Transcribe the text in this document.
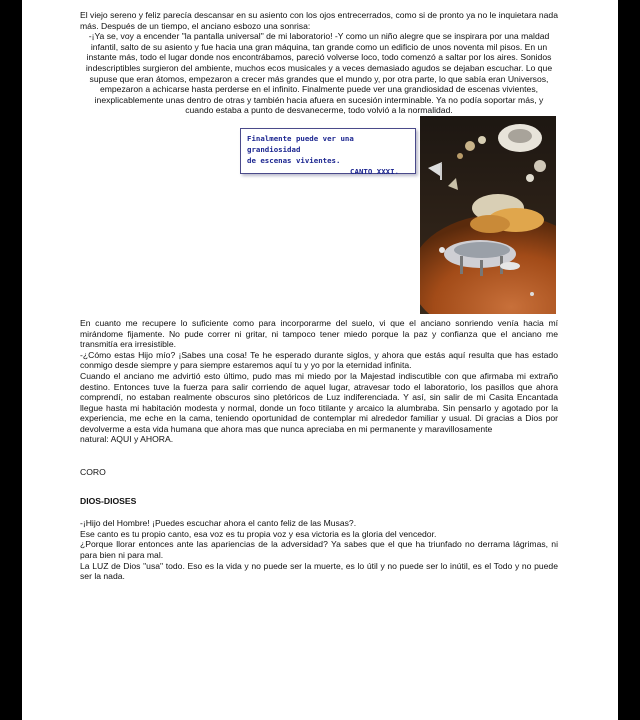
El viejo sereno y feliz parecía descansar en su asiento con los ojos entrecerrados, como si de pronto ya no le inquietara nada más. Después de un tiempo, el anciano esbozo una sonrisa:

-¡Ya se, voy a encender "la pantalla universal" de mi laboratorio! -Y como un niño alegre que se inspirara por una maldad infantil, salto de su asiento y fue hacia una gran máquina, tan grande como un edificio de unos noventa mil pisos. En un instante más, todo el lugar donde nos encontrábamos, pareció volverse loco, todo comenzó a saltar por los aires. Sonidos indescriptibles surgieron del ambiente, muchos ecos musicales y a veces demasiado agudos se dejaban escuchar. Lo que supuse que eran átomos, empezaron a crecer más grandes que el mundo y, por otra parte, lo que sabía eran Universos, empezaron a achicarse hasta perderse en el infinito. Finalmente puede ver una grandiosidad de escenas vivientes, inexplicablemente unas dentro de otras y también hacia afuera en sucesión interminable. Ya no podía soportar más, y cuando estaba a punto de desvanecerme, todo volvió a la normalidad.

Finalmente puede ver una grandiosidad
de escenas vivientes.
CANTO XXXI.

En cuanto me recupere lo suficiente como para incorporarme del suelo, vi que el anciano sonriendo venía hacia mí mirándome fijamente. No pude correr ni gritar, ni tampoco tener miedo porque la paz y confianza que el anciano me transmitía era irresistible.

-¿Cómo estas Hijo mío? ¡Sabes una cosa! Te he esperado durante siglos, y ahora que estás aquí resulta que has estado conmigo desde siempre y para siempre estaremos aquí tu y yo por la eternidad infinita.

Cuando el anciano me advirtió esto último, pudo mas mi miedo por la Majestad indiscutible con que afirmaba mi extraño destino. Entonces tuve la fuerza para salir corriendo de aquel lugar, atravesar todo el laboratorio, los pasillos que ahora comprendí, no estaban realmente obscuros sino pletóricos de Luz indiferenciada. Y así, sin salir de mi Casita Encantada llegue hasta mi habitación modesta y normal, donde un foco titilante y arcaico la alumbraba. Sin pensarlo y agotado por la experiencia, me eche en la cama, teniendo oportunidad de contemplar mi alrededor familiar y usual. Di gracias a Dios por devolverme a esta vida humana que ahora mas que nunca apreciaba en mi permanente y maravillosamente

natural: AQUI y AHORA.

CORO

DIOS-DIOSES

-¡Hijo del Hombre! ¡Puedes escuchar ahora el canto feliz de las Musas?.

Ese canto es tu propio canto, esa voz es tu propia voz y esa victoria es la gloria del vencedor.

¿Porque llorar entonces ante las apariencias de la adversidad? Ya sabes que el que ha triunfado no derrama lágrimas, ni para bien ni para mal.

La LUZ de Dios "usa" todo. Eso es la vida y no puede ser la muerte, es lo útil y no puede ser lo inútil, es el Todo y no puede ser la nada.
